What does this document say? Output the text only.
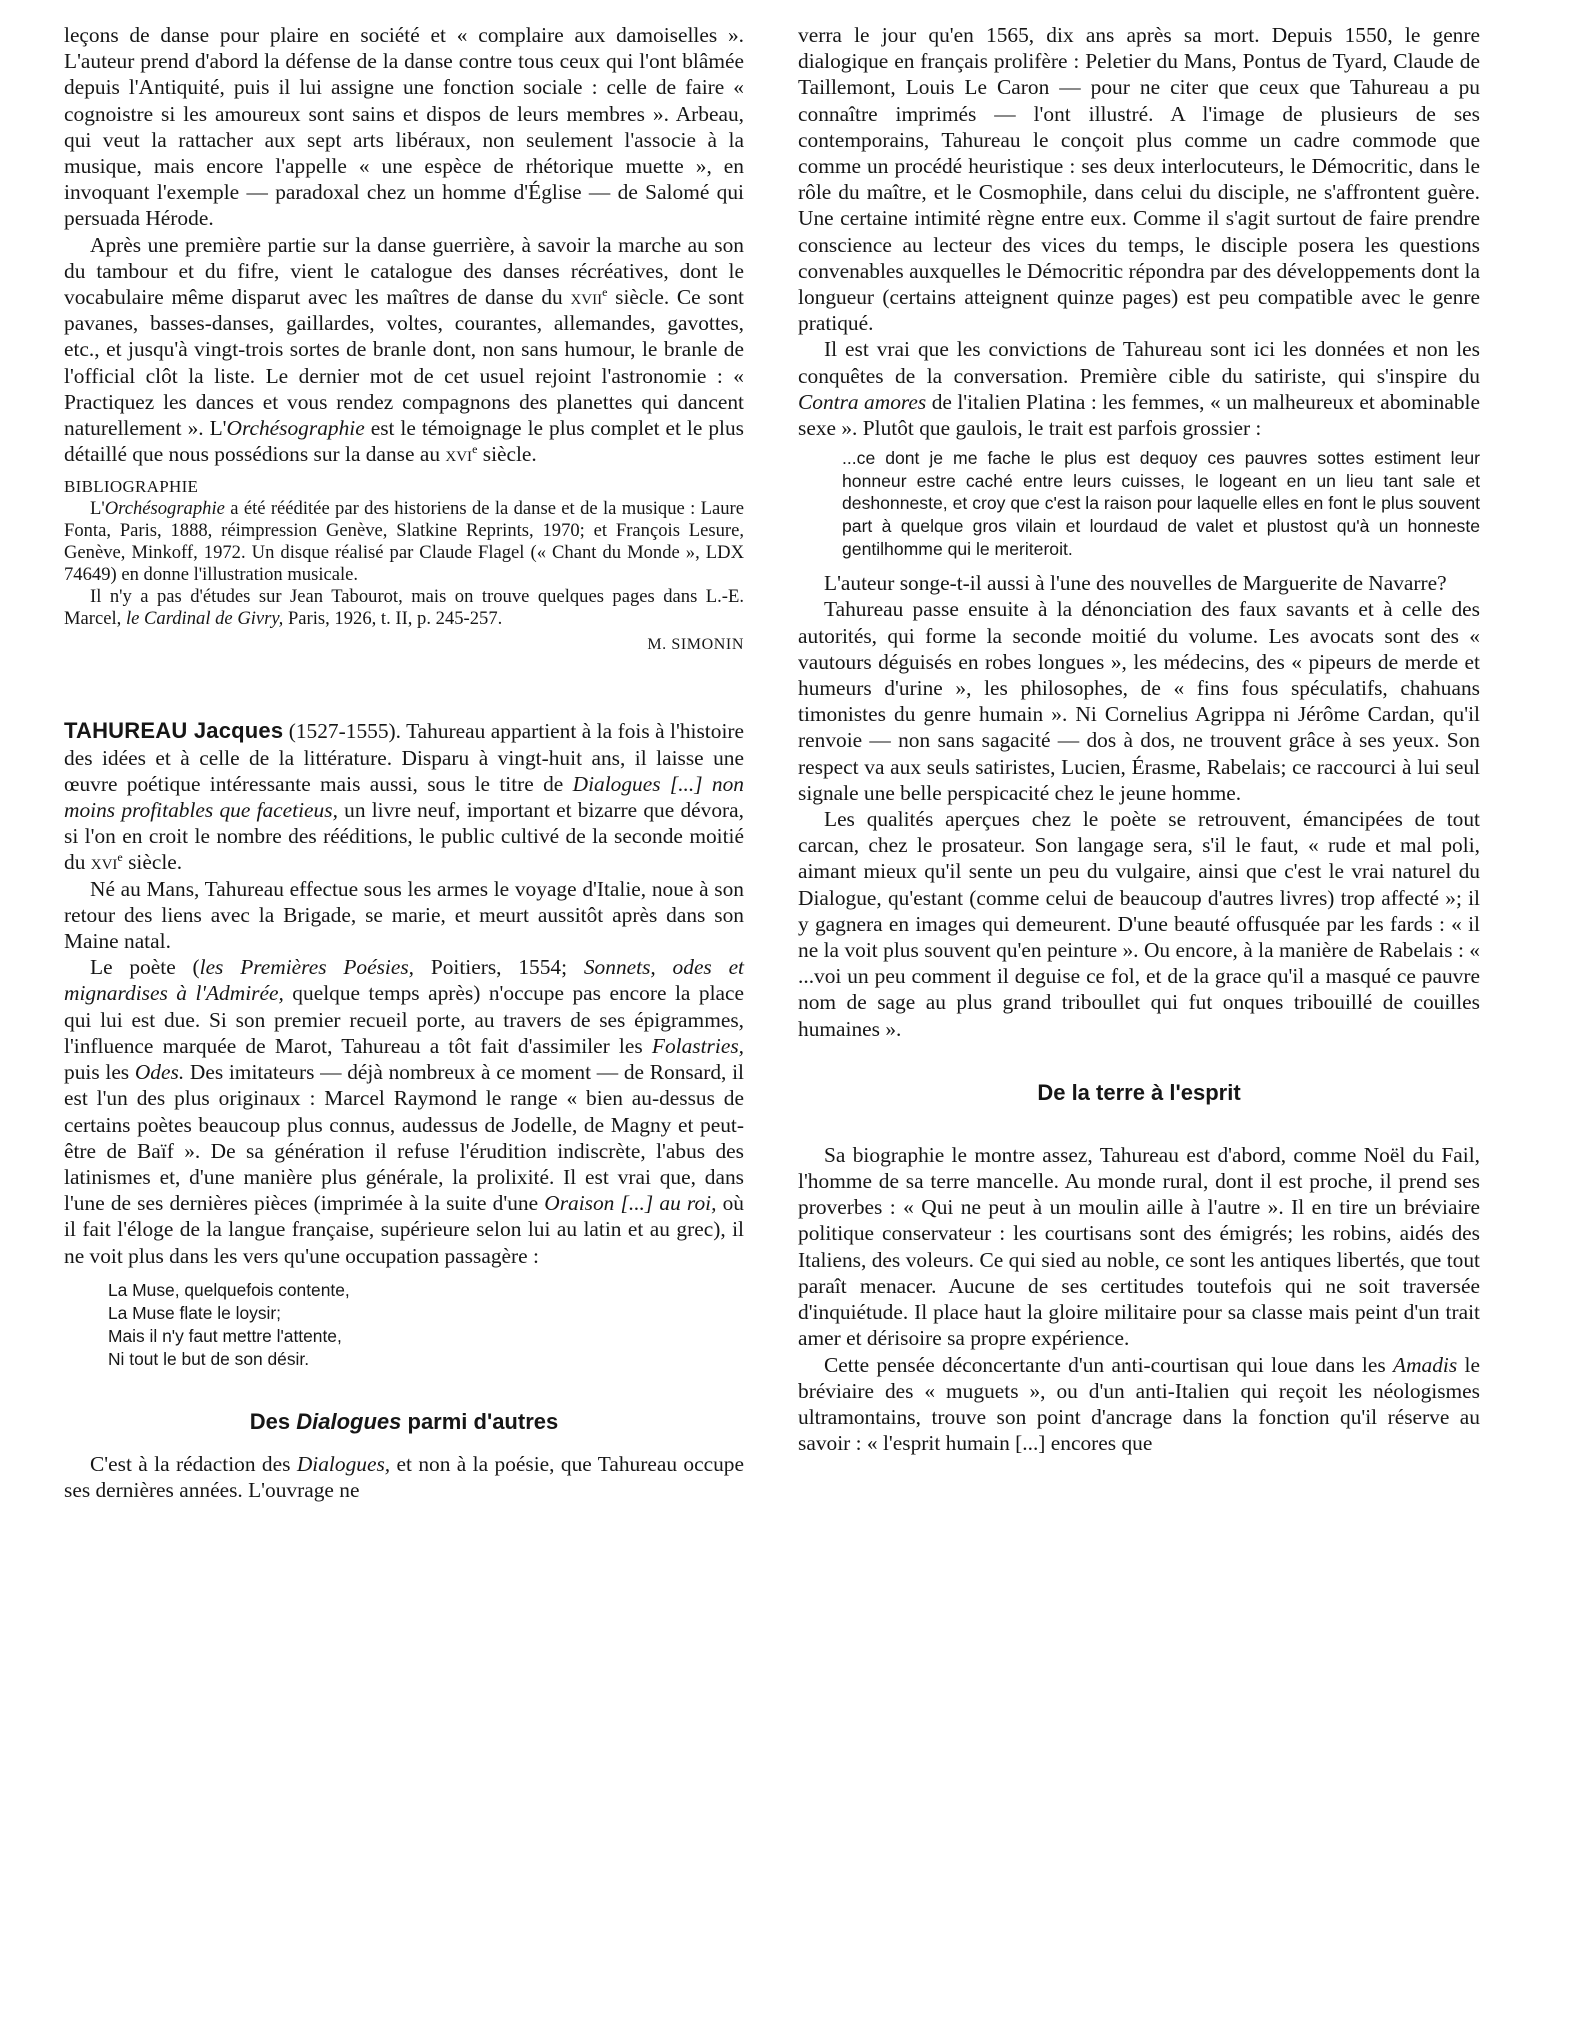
leçons de danse pour plaire en société et « complaire aux damoiselles ». L'auteur prend d'abord la défense de la danse contre tous ceux qui l'ont blâmée depuis l'Antiquité, puis il lui assigne une fonction sociale : celle de faire « cognoistre si les amoureux sont sains et dispos de leurs membres ». Arbeau, qui veut la rattacher aux sept arts libéraux, non seulement l'associe à la musique, mais encore l'appelle « une espèce de rhétorique muette », en invoquant l'exemple — paradoxal chez un homme d'Église — de Salomé qui persuada Hérode.

Après une première partie sur la danse guerrière, à savoir la marche au son du tambour et du fifre, vient le catalogue des danses récréatives, dont le vocabulaire même disparut avec les maîtres de danse du xvii$^e$ siècle. Ce sont pavanes, basses-danses, gaillardes, voltes, courantes, allemandes, gavottes, etc., et jusqu'à vingt-trois sortes de branle dont, non sans humour, le branle de l'official clôt la liste. Le dernier mot de cet usuel rejoint l'astronomie : « Practiquez les dances et vous rendez compagnons des planettes qui dancent naturellement ». L'Orchésographie est le témoignage le plus complet et le plus détaillé que nous possédions sur la danse au xvi$^e$ siècle.

BIBLIOGRAPHIE

L'Orchésographie a été rééditée par des historiens de la danse et de la musique : Laure Fonta, Paris, 1888, réimpression Genève, Slatkine Reprints, 1970; et François Lesure, Genève, Minkoff, 1972. Un disque réalisé par Claude Flagel (« Chant du Monde », LDX 74649) en donne l'illustration musicale.

Il n'y a pas d'études sur Jean Tabourot, mais on trouve quelques pages dans L.-E. Marcel, le Cardinal de Givry, Paris, 1926, t. II, p. 245-257.

M. SIMONIN

TAHUREAU Jacques (1527-1555). Tahureau appartient à la fois à l'histoire des idées et à celle de la littérature. Disparu à vingt-huit ans, il laisse une œuvre poétique intéressante mais aussi, sous le titre de Dialogues [...] non moins profitables que facetieus, un livre neuf, important et bizarre que dévora, si l'on en croit le nombre des rééditions, le public cultivé de la seconde moitié du xvi$^e$ siècle.

Né au Mans, Tahureau effectue sous les armes le voyage d'Italie, noue à son retour des liens avec la Brigade, se marie, et meurt aussitôt après dans son Maine natal.

Le poète (les Premières Poésies, Poitiers, 1554; Sonnets, odes et mignardises à l'Admirée, quelque temps après) n'occupe pas encore la place qui lui est due. Si son premier recueil porte, au travers de ses épigrammes, l'influence marquée de Marot, Tahureau a tôt fait d'assimiler les Folastries, puis les Odes. Des imitateurs — déjà nombreux à ce moment — de Ronsard, il est l'un des plus originaux : Marcel Raymond le range « bien au-dessus de certains poètes beaucoup plus connus, audessus de Jodelle, de Magny et peut-être de Baïf ». De sa génération il refuse l'érudition indiscrète, l'abus des latinismes et, d'une manière plus générale, la prolixité. Il est vrai que, dans l'une de ses dernières pièces (imprimée à la suite d'une Oraison [...] au roi, où il fait l'éloge de la langue française, supérieure selon lui au latin et au grec), il ne voit plus dans les vers qu'une occupation passagère :

La Muse, quelquefois contente,
La Muse flate le loysir;
Mais il n'y faut mettre l'attente,
Ni tout le but de son désir.
Des Dialogues parmi d'autres

C'est à la rédaction des Dialogues, et non à la poésie, que Tahureau occupe ses dernières années. L'ouvrage ne

verra le jour qu'en 1565, dix ans après sa mort. Depuis 1550, le genre dialogique en français prolifère : Peletier du Mans, Pontus de Tyard, Claude de Taillemont, Louis Le Caron — pour ne citer que ceux que Tahureau a pu connaître imprimés — l'ont illustré. A l'image de plusieurs de ses contemporains, Tahureau le conçoit plus comme un cadre commode que comme un procédé heuristique : ses deux interlocuteurs, le Démocritic, dans le rôle du maître, et le Cosmophile, dans celui du disciple, ne s'affrontent guère. Une certaine intimité règne entre eux. Comme il s'agit surtout de faire prendre conscience au lecteur des vices du temps, le disciple posera les questions convenables auxquelles le Démocritic répondra par des développements dont la longueur (certains atteignent quinze pages) est peu compatible avec le genre pratiqué.

Il est vrai que les convictions de Tahureau sont ici les données et non les conquêtes de la conversation. Première cible du satiriste, qui s'inspire du Contra amores de l'italien Platina : les femmes, « un malheureux et abominable sexe ». Plutôt que gaulois, le trait est parfois grossier :

...ce dont je me fache le plus est dequoy ces pauvres sottes estiment leur honneur estre caché entre leurs cuisses, le logeant en un lieu tant sale et deshonneste, et croy que c'est la raison pour laquelle elles en font le plus souvent part à quelque gros vilain et lourdaud de valet et plustost qu'à un honneste gentilhomme qui le meriteroit.

L'auteur songe-t-il aussi à l'une des nouvelles de Marguerite de Navarre?

Tahureau passe ensuite à la dénonciation des faux savants et à celle des autorités, qui forme la seconde moitié du volume. Les avocats sont des « vautours déguisés en robes longues », les médecins, des « pipeurs de merde et humeurs d'urine », les philosophes, de « fins fous spéculatifs, chahuans timonistes du genre humain ». Ni Cornelius Agrippa ni Jérôme Cardan, qu'il renvoie — non sans sagacité — dos à dos, ne trouvent grâce à ses yeux. Son respect va aux seuls satiristes, Lucien, Érasme, Rabelais; ce raccourci à lui seul signale une belle perspicacité chez le jeune homme.

Les qualités aperçues chez le poète se retrouvent, émancipées de tout carcan, chez le prosateur. Son langage sera, s'il le faut, « rude et mal poli, aimant mieux qu'il sente un peu du vulgaire, ainsi que c'est le vrai naturel du Dialogue, qu'estant (comme celui de beaucoup d'autres livres) trop affecté »; il y gagnera en images qui demeurent. D'une beauté offusquée par les fards : « il ne la voit plus souvent qu'en peinture ». Ou encore, à la manière de Rabelais : « ...voi un peu comment il deguise ce fol, et de la grace qu'il a masqué ce pauvre nom de sage au plus grand triboullet qui fut onques tribouillé de couilles humaines ».

De la terre à l'esprit

Sa biographie le montre assez, Tahureau est d'abord, comme Noël du Fail, l'homme de sa terre mancelle. Au monde rural, dont il est proche, il prend ses proverbes : « Qui ne peut à un moulin aille à l'autre ». Il en tire un bréviaire politique conservateur : les courtisans sont des émigrés; les robins, aidés des Italiens, des voleurs. Ce qui sied au noble, ce sont les antiques libertés, que tout paraît menacer. Aucune de ses certitudes toutefois qui ne soit traversée d'inquiétude. Il place haut la gloire militaire pour sa classe mais peint d'un trait amer et dérisoire sa propre expérience.

Cette pensée déconcertante d'un anti-courtisan qui loue dans les Amadis le bréviaire des « muguets », ou d'un anti-Italien qui reçoit les néologismes ultramontains, trouve son point d'ancrage dans la fonction qu'il réserve au savoir : « l'esprit humain [...] encores que
